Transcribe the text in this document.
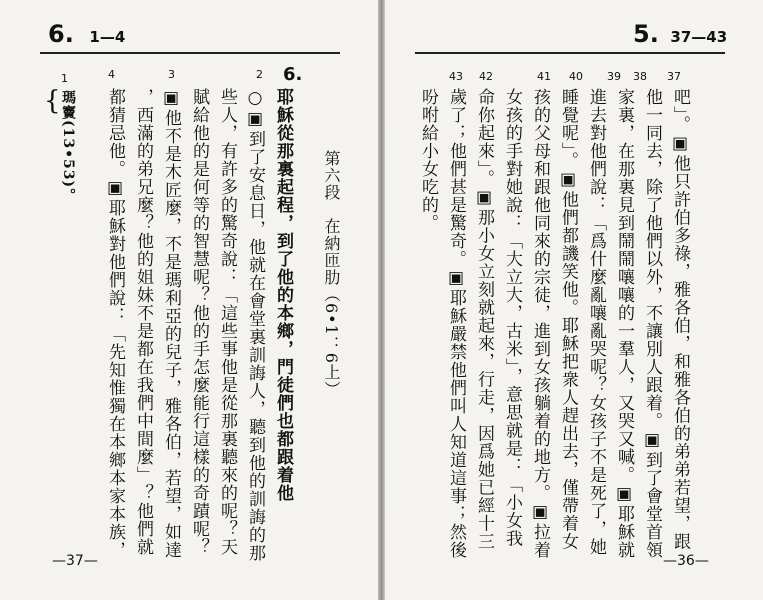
6. 1—4
1
{ 瑪竇(13•53)。
4	3	2 6.
都猜忌他。▣耶穌對他們說：「先知惟獨在本鄉本家本族， ，西滿的弟兄麼？他的姐妹不是都在我們中間麼」？他們就 ▣他不是木匠麼，不是瑪利亞的兒子，雅各伯，若望，如達 賦給他的是何等的智慧呢？他的手怎麼能行這樣的奇蹟呢？ 些人，有許多的驚奇說：「這些事他是從那裏聽來的呢？天 ○▣到了安息日，他就在會堂裏訓誨人，聽到他的訓誨的那 耶穌從那裏起程，到了他的本鄉，門徒們也都跟着他 第六段　在納匝肋（6•1：6上）
—37—
5. 37—43
43 42	41 40 39 38 37
吩咐給小女吃的。 歲了；他們甚是驚奇。▣耶穌嚴禁他們叫人知道這事；然後 命你起來」。▣那小女立刻就起來，行走，因爲她已經十三 女孩的手對她說：「大立大，古米」，意思就是：「小女我 孩的父母和跟他同來的宗徒，進到女孩躺着的地方。▣拉着 睡覺呢」。▣他們都譏笑他。耶穌把衆人趕出去，僅帶着女 進去對他們說：「爲什麼亂嚷亂哭呢？女孩子不是死了，她 家裏，在那裏見到鬧鬧嚷嚷的一羣人，又哭又喊。▣耶穌就 他一同去，除了他們以外，不讓別人跟着。▣到了會堂首領 吧」。▣他只許伯多祿，雅各伯，和雅各伯的弟弟若望，跟
—36—
